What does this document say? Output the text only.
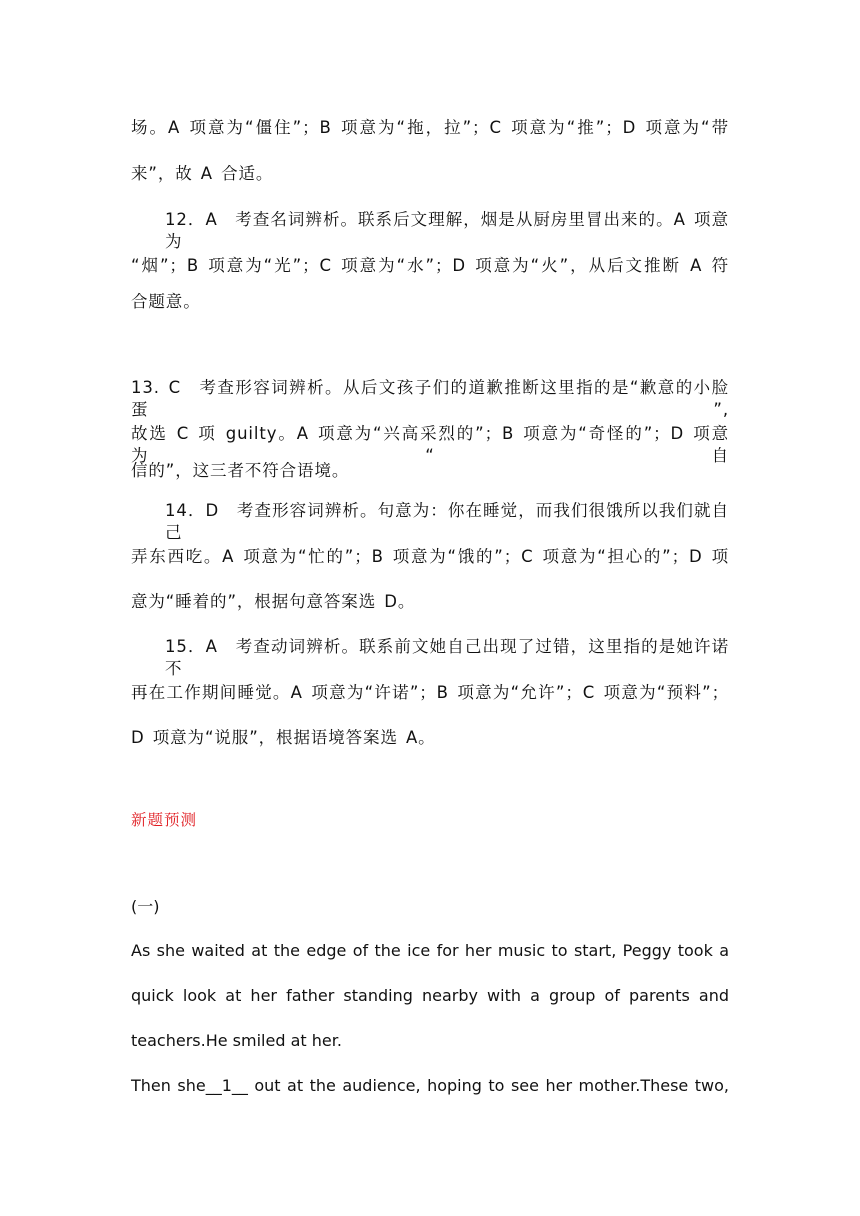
场。A 项意为“僵住”；B 项意为“拖，拉”；C 项意为“推”；D 项意为“带
来”，故 A 合适。
12．A　考查名词辨析。联系后文理解，烟是从厨房里冒出来的。A 项意为
“烟”；B 项意为“光”；C 项意为“水”；D 项意为“火”，从后文推断 A 符
合题意。
13. C　考查形容词辨析。从后文孩子们的道歉推断这里指的是“歉意的小脸蛋”,
故选 C 项 guilty。A 项意为“兴高采烈的”；B 项意为“奇怪的”；D 项意为“自
信的”，这三者不符合语境。
14．D　考查形容词辨析。句意为：你在睡觉，而我们很饿所以我们就自己
弄东西吃。A 项意为“忙的”；B 项意为“饿的”；C 项意为“担心的”；D 项
意为“睡着的”，根据句意答案选 D。
15．A　考查动词辨析。联系前文她自己出现了过错，这里指的是她许诺不
再在工作期间睡觉。A 项意为“许诺”；B 项意为“允许”；C 项意为“预料”；
D 项意为“说服”，根据语境答案选 A。
新题预测
(一)
As she waited at the edge of the ice for her music to start, Peggy took a
quick look at her father standing nearby with a group of parents and
teachers.He smiled at her.
Then she__1__ out at the audience, hoping to see her mother.These two,
